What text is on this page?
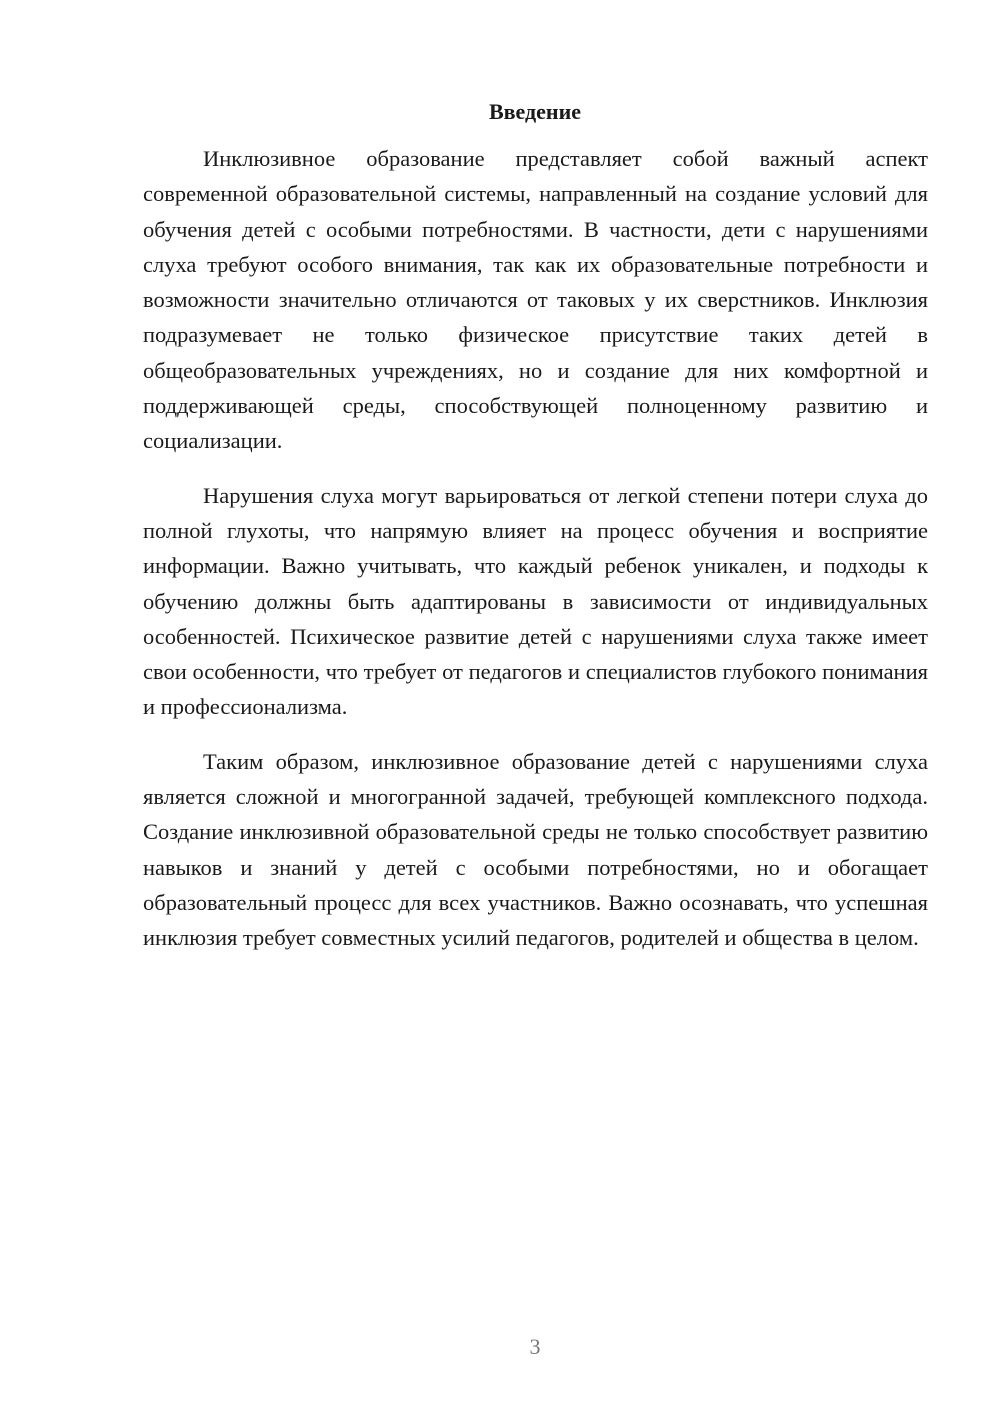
Введение

Инклюзивное образование представляет собой важный аспект современной образовательной системы, направленный на создание условий для обучения детей с особыми потребностями. В частности, дети с нарушениями слуха требуют особого внимания, так как их образовательные потребности и возможности значительно отличаются от таковых у их сверстников. Инклюзия подразумевает не только физическое присутствие таких детей в общеобразовательных учреждениях, но и создание для них комфортной и поддерживающей среды, способствующей полноценному развитию и социализации.

Нарушения слуха могут варьироваться от легкой степени потери слуха до полной глухоты, что напрямую влияет на процесс обучения и восприятие информации. Важно учитывать, что каждый ребенок уникален, и подходы к обучению должны быть адаптированы в зависимости от индивидуальных особенностей. Психическое развитие детей с нарушениями слуха также имеет свои особенности, что требует от педагогов и специалистов глубокого понимания и профессионализма.

Таким образом, инклюзивное образование детей с нарушениями слуха является сложной и многогранной задачей, требующей комплексного подхода. Создание инклюзивной образовательной среды не только способствует развитию навыков и знаний у детей с особыми потребностями, но и обогащает образовательный процесс для всех участников. Важно осознавать, что успешная инклюзия требует совместных усилий педагогов, родителей и общества в целом.

3
